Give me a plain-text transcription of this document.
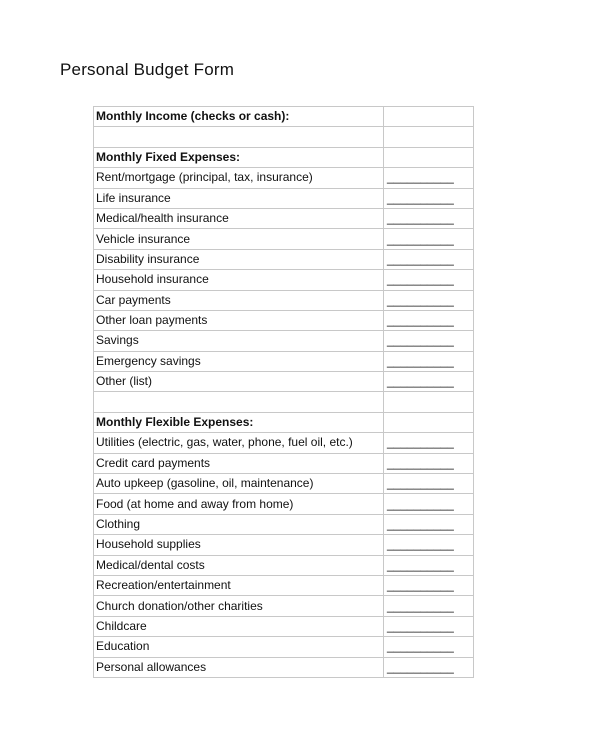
Personal Budget Form
Monthly Income (checks or cash):	

Monthly Fixed Expenses:	
Rent/mortgage (principal, tax, insurance)	__________
Life insurance	__________
Medical/health insurance	__________
Vehicle insurance	__________
Disability insurance	__________
Household insurance	__________
Car payments	__________
Other loan payments	__________
Savings	__________
Emergency savings	__________
Other (list)	__________

Monthly Flexible Expenses:	
Utilities (electric, gas, water, phone, fuel oil, etc.)	__________
Credit card payments	__________
Auto upkeep (gasoline, oil, maintenance)	__________
Food (at home and away from home)	__________
Clothing	__________
Household supplies	__________
Medical/dental costs	__________
Recreation/entertainment	__________
Church donation/other charities	__________
Childcare	__________
Education	__________
Personal allowances	__________
